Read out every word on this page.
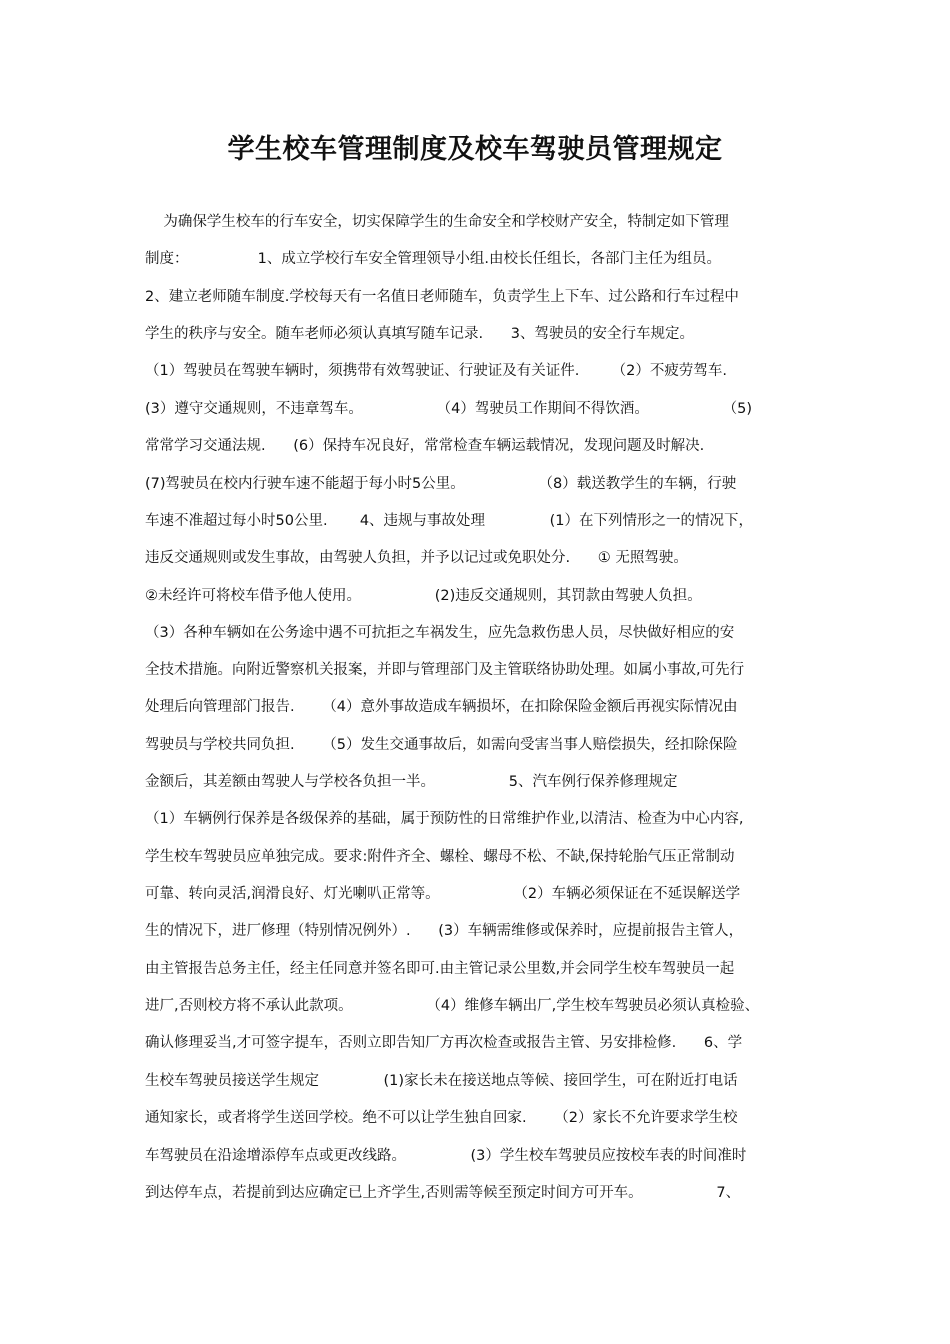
学生校车管理制度及校车驾驶员管理规定
为确保学生校车的行车安全，切实保障学生的生命安全和学校财产安全，特制定如下管理
制度：               1、成立学校行车安全管理领导小组.由校长任组长，各部门主任为组员。
2、建立老师随车制度.学校每天有一名值日老师随车，负责学生上下车、过公路和行车过程中
学生的秩序与安全。随车老师必须认真填写随车记录.      3、驾驶员的安全行车规定。
（1）驾驶员在驾驶车辆时，须携带有效驾驶证、行驶证及有关证件.       （2）不疲劳驾车.
(3）遵守交通规则，不违章驾车。                （4）驾驶员工作期间不得饮酒。                （5)
常常学习交通法规.      (6）保持车况良好，常常检查车辆运载情况，发现问题及时解决.
(7)驾驶员在校内行驶车速不能超于每小时5公里。                （8）载送教学生的车辆，行驶
车速不准超过每小时50公里.       4、违规与事故处理              (1）在下列情形之一的情况下，
违反交通规则或发生事故，由驾驶人负担，并予以记过或免职处分.      ① 无照驾驶。
②未经许可将校车借予他人使用。                (2)违反交通规则，其罚款由驾驶人负担。
（3）各种车辆如在公务途中遇不可抗拒之车祸发生，应先急救伤患人员，尽快做好相应的安
全技术措施。向附近警察机关报案，并即与管理部门及主管联络协助处理。如属小事故,可先行
处理后向管理部门报告.      （4）意外事故造成车辆损坏，在扣除保险金额后再视实际情况由
驾驶员与学校共同负担.      （5）发生交通事故后，如需向受害当事人赔偿损失，经扣除保险
金额后，其差额由驾驶人与学校各负担一半。                5、汽车例行保养修理规定
（1）车辆例行保养是各级保养的基础，属于预防性的日常维护作业,以清洁、检查为中心内容,
学生校车驾驶员应单独完成。要求:附件齐全、螺栓、螺母不松、不缺,保持轮胎气压正常制动
可靠、转向灵活,润滑良好、灯光喇叭正常等。                （2）车辆必须保证在不延误解送学
生的情况下，进厂修理（特别情况例外）.      (3）车辆需维修或保养时，应提前报告主管人，
由主管报告总务主任，经主任同意并签名即可.由主管记录公里数,并会同学生校车驾驶员一起
进厂,否则校方将不承认此款项。                （4）维修车辆出厂,学生校车驾驶员必须认真检验、
确认修理妥当,才可签字提车，否则立即告知厂方再次检查或报告主管、另安排检修.      6、学
生校车驾驶员接送学生规定              (1)家长未在接送地点等候、接回学生，可在附近打电话
通知家长，或者将学生送回学校。绝不可以让学生独自回家.      （2）家长不允许要求学生校
车驾驶员在沿途增添停车点或更改线路。              (3）学生校车驾驶员应按校车表的时间准时
到达停车点，若提前到达应确定已上齐学生,否则需等候至预定时间方可开车。                7、
